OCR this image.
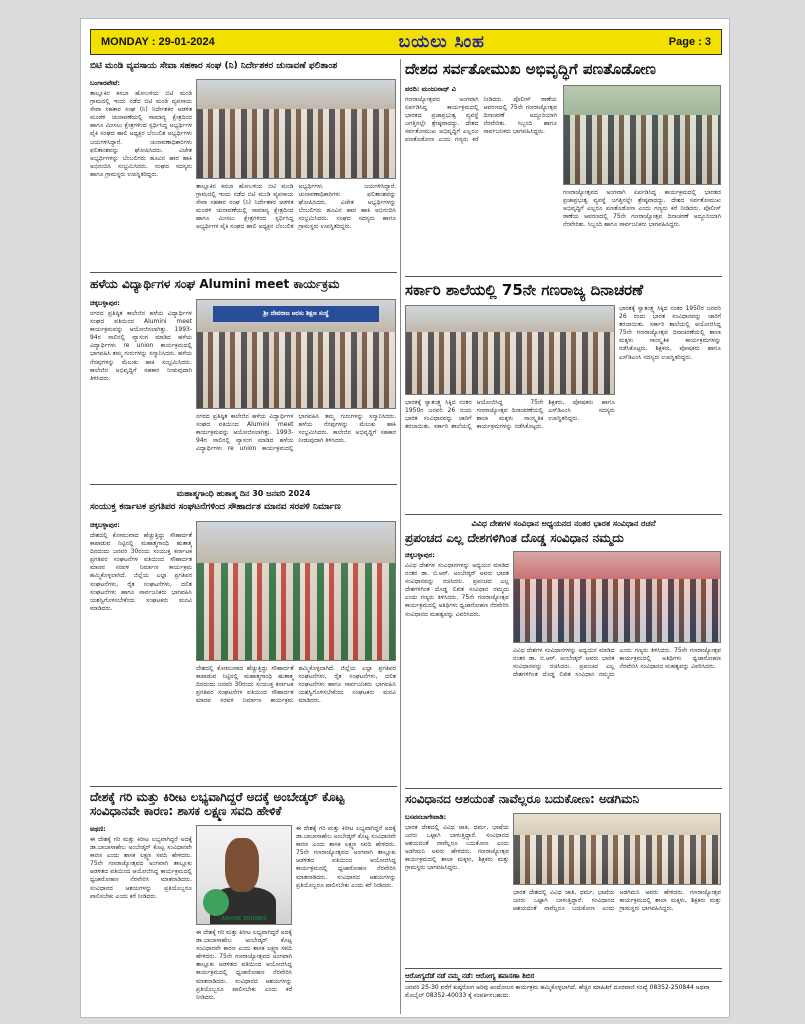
MONDAY : 29-01-2024	ಬಯಲು ಸಿಂಹ	Page : 3
ಬಿಟಿ ಮಂಡಿ ವ್ಯವಸಾಯ ಸೇವಾ ಸಹಕಾರ ಸಂಘ (ನಿ) ನಿರ್ದೇಶಕರ ಚುನಾವಣೆ ಫಲಿತಾಂಶ
ಬಂಗಾರಪೇಟೆ:
ತಾಲ್ಲೂಕಿನ ಕಸಬಾ ಹೋಬಳಿಯ ಬಿಟಿ ಮಂಡಿ ಗ್ರಾಮದಲ್ಲಿ ಇಂದು ನಡೆದ ಬಿಟಿ ಮಂಡಿ ವ್ಯವಸಾಯ ಸೇವಾ ಸಹಕಾರ ಸಂಘ (ನಿ) ನಿರ್ದೇಶಕರ ಆಡಳಿತ ಮಂಡಳಿ ಚುನಾವಣೆಯಲ್ಲಿ ಸಾಮಾನ್ಯ ಕ್ಷೇತ್ರದಿಂದ ಹಾಗೂ ಮೀಸಲು ಕ್ಷೇತ್ರಗಳಿಂದ ಸ್ಪರ್ಧಿಸಿದ್ದ ಅಭ್ಯರ್ಥಿಗಳ ಪೈಕಿ ಸಂಘದ ಹಾಲಿ ಅಧ್ಯಕ್ಷರ ಬೆಂಬಲಿತ ಅಭ್ಯರ್ಥಿಗಳು ಜಯಗಳಿಸಿದ್ದಾರೆ. ಚುನಾವಣಾಧಿಕಾರಿಗಳು ಫಲಿತಾಂಶವನ್ನು ಘೋಷಿಸಿದರು. ವಿಜೇತ ಅಭ್ಯರ್ಥಿಗಳನ್ನು ಬೆಂಬಲಿಗರು ಹೂವಿನ ಹಾರ ಹಾಕಿ ಅಭಿನಂದಿಸಿ ಸಂಭ್ರಮಿಸಿದರು. ಸಂಘದ ಸದಸ್ಯರು ಹಾಗೂ ಗ್ರಾಮಸ್ಥರು ಉಪಸ್ಥಿತರಿದ್ದರು.
ತಾಲ್ಲೂಕಿನ ಕಸಬಾ ಹೋಬಳಿಯ ಬಿಟಿ ಮಂಡಿ ಗ್ರಾಮದಲ್ಲಿ ಇಂದು ನಡೆದ ಬಿಟಿ ಮಂಡಿ ವ್ಯವಸಾಯ ಸೇವಾ ಸಹಕಾರ ಸಂಘ (ನಿ) ನಿರ್ದೇಶಕರ ಆಡಳಿತ ಮಂಡಳಿ ಚುನಾವಣೆಯಲ್ಲಿ ಸಾಮಾನ್ಯ ಕ್ಷೇತ್ರದಿಂದ ಹಾಗೂ ಮೀಸಲು ಕ್ಷೇತ್ರಗಳಿಂದ ಸ್ಪರ್ಧಿಸಿದ್ದ ಅಭ್ಯರ್ಥಿಗಳ ಪೈಕಿ ಸಂಘದ ಹಾಲಿ ಅಧ್ಯಕ್ಷರ ಬೆಂಬಲಿತ ಅಭ್ಯರ್ಥಿಗಳು ಜಯಗಳಿಸಿದ್ದಾರೆ. ಚುನಾವಣಾಧಿಕಾರಿಗಳು ಫಲಿತಾಂಶವನ್ನು ಘೋಷಿಸಿದರು. ವಿಜೇತ ಅಭ್ಯರ್ಥಿಗಳನ್ನು ಬೆಂಬಲಿಗರು ಹೂವಿನ ಹಾರ ಹಾಕಿ ಅಭಿನಂದಿಸಿ ಸಂಭ್ರಮಿಸಿದರು. ಸಂಘದ ಸದಸ್ಯರು ಹಾಗೂ ಗ್ರಾಮಸ್ಥರು ಉಪಸ್ಥಿತರಿದ್ದರು.
ಹಳೆಯ ವಿದ್ಯಾರ್ಥಿಗಳ ಸಂಘ Alumini meet ಕಾರ್ಯಕ್ರಮ
ಚಿಕ್ಕಬಳ್ಳಾಪುರ:
ನಗರದ ಪ್ರತಿಷ್ಠಿತ ಕಾಲೇಜಿನ ಹಳೆಯ ವಿದ್ಯಾರ್ಥಿಗಳ ಸಂಘದ ವತಿಯಿಂದ Alumini meet ಕಾರ್ಯಕ್ರಮವನ್ನು ಆಯೋಜಿಸಲಾಗಿತ್ತು. 1993-94ರ ಸಾಲಿನಲ್ಲಿ ವ್ಯಾಸಂಗ ಮಾಡಿದ ಹಳೆಯ ವಿದ್ಯಾರ್ಥಿಗಳು re union ಕಾರ್ಯಕ್ರಮದಲ್ಲಿ ಭಾಗವಹಿಸಿ ತಮ್ಮ ಗುರುಗಳನ್ನು ಸನ್ಮಾನಿಸಿದರು. ಹಳೆಯ ನೆನಪುಗಳನ್ನು ಮೆಲುಕು ಹಾಕಿ ಸಂಭ್ರಮಿಸಿದರು. ಕಾಲೇಜಿನ ಅಭಿವೃದ್ಧಿಗೆ ಸಹಕಾರ ನೀಡುವುದಾಗಿ ತಿಳಿಸಿದರು.
ಶ್ರೀ ದೇವರಾಜ ಅರಸು ಶಿಕ್ಷಣ ಸಂಸ್ಥೆ
ನಗರದ ಪ್ರತಿಷ್ಠಿತ ಕಾಲೇಜಿನ ಹಳೆಯ ವಿದ್ಯಾರ್ಥಿಗಳ ಸಂಘದ ವತಿಯಿಂದ Alumini meet ಕಾರ್ಯಕ್ರಮವನ್ನು ಆಯೋಜಿಸಲಾಗಿತ್ತು. 1993-94ರ ಸಾಲಿನಲ್ಲಿ ವ್ಯಾಸಂಗ ಮಾಡಿದ ಹಳೆಯ ವಿದ್ಯಾರ್ಥಿಗಳು re union ಕಾರ್ಯಕ್ರಮದಲ್ಲಿ ಭಾಗವಹಿಸಿ ತಮ್ಮ ಗುರುಗಳನ್ನು ಸನ್ಮಾನಿಸಿದರು. ಹಳೆಯ ನೆನಪುಗಳನ್ನು ಮೆಲುಕು ಹಾಕಿ ಸಂಭ್ರಮಿಸಿದರು. ಕಾಲೇಜಿನ ಅಭಿವೃದ್ಧಿಗೆ ಸಹಕಾರ ನೀಡುವುದಾಗಿ ತಿಳಿಸಿದರು.
ಮಹಾತ್ಮಗಾಂಧಿ ಹುತಾತ್ಮ ದಿನ 30 ಜನವರಿ 2024
ಸಂಯುಕ್ತ ಕರ್ನಾಟಕ ಪ್ರಗತಿಪರ ಸಂಘಟನೆಗಳಿಂದ ಸೌಹಾರ್ದತ ಮಾನವ ಸರಪಳಿ ನಿರ್ಮಾಣ
ಚಿಕ್ಕಬಳ್ಳಾಪುರ:
ದೇಶದಲ್ಲಿ ಕೋಮುವಾದ ಹೆಚ್ಚುತ್ತಿದ್ದು ಸೌಹಾರ್ದತೆ ಕಾಪಾಡುವ ನಿಟ್ಟಿನಲ್ಲಿ ಮಹಾತ್ಮಗಾಂಧಿ ಹುತಾತ್ಮ ದಿನದಂದು ಜನವರಿ 30ರಂದು ಸಂಯುಕ್ತ ಕರ್ನಾಟಕ ಪ್ರಗತಿಪರ ಸಂಘಟನೆಗಳ ವತಿಯಿಂದ ಸೌಹಾರ್ದತ ಮಾನವ ಸರಪಳಿ ನಿರ್ಮಾಣ ಕಾರ್ಯಕ್ರಮ ಹಮ್ಮಿಕೊಳ್ಳಲಾಗಿದೆ. ಜಿಲ್ಲೆಯ ಎಲ್ಲಾ ಪ್ರಗತಿಪರ ಸಂಘಟನೆಗಳು, ರೈತ ಸಂಘಟನೆಗಳು, ದಲಿತ ಸಂಘಟನೆಗಳು ಹಾಗೂ ಸಾರ್ವಜನಿಕರು ಭಾಗವಹಿಸಿ ಯಶಸ್ವಿಗೊಳಿಸಬೇಕೆಂದು ಸಂಘಟಕರು ಮನವಿ ಮಾಡಿದರು.
ದೇಶದಲ್ಲಿ ಕೋಮುವಾದ ಹೆಚ್ಚುತ್ತಿದ್ದು ಸೌಹಾರ್ದತೆ ಕಾಪಾಡುವ ನಿಟ್ಟಿನಲ್ಲಿ ಮಹಾತ್ಮಗಾಂಧಿ ಹುತಾತ್ಮ ದಿನದಂದು ಜನವರಿ 30ರಂದು ಸಂಯುಕ್ತ ಕರ್ನಾಟಕ ಪ್ರಗತಿಪರ ಸಂಘಟನೆಗಳ ವತಿಯಿಂದ ಸೌಹಾರ್ದತ ಮಾನವ ಸರಪಳಿ ನಿರ್ಮಾಣ ಕಾರ್ಯಕ್ರಮ ಹಮ್ಮಿಕೊಳ್ಳಲಾಗಿದೆ. ಜಿಲ್ಲೆಯ ಎಲ್ಲಾ ಪ್ರಗತಿಪರ ಸಂಘಟನೆಗಳು, ರೈತ ಸಂಘಟನೆಗಳು, ದಲಿತ ಸಂಘಟನೆಗಳು ಹಾಗೂ ಸಾರ್ವಜನಿಕರು ಭಾಗವಹಿಸಿ ಯಶಸ್ವಿಗೊಳಿಸಬೇಕೆಂದು ಸಂಘಟಕರು ಮನವಿ ಮಾಡಿದರು.
ದೇಶಕ್ಕೆ ಗರಿ ಮತ್ತು ಕಿರೀಟ ಲಭ್ಯವಾಗಿದ್ದರೆ ಅದಕ್ಕೆ ಅಂಬೇಡ್ಕರ್ ಕೊಟ್ಟ ಸಂವಿಧಾನವೇ ಕಾರಣ: ಶಾಸಕ ಲಕ್ಷ್ಮಣ ಸವದಿ ಹೇಳಿಕೆ
ಅಥಣಿ:
ಈ ದೇಶಕ್ಕೆ ಗರಿ ಮತ್ತು ಕಿರೀಟ ಲಭ್ಯವಾಗಿದ್ದರೆ ಅದಕ್ಕೆ ಡಾ.ಬಾಬಾಸಾಹೇಬ ಅಂಬೇಡ್ಕರ್ ಕೊಟ್ಟ ಸಂವಿಧಾನವೇ ಕಾರಣ ಎಂದು ಶಾಸಕ ಲಕ್ಷ್ಮಣ ಸವದಿ ಹೇಳಿದರು. 75ನೇ ಗಣರಾಜ್ಯೋತ್ಸವದ ಅಂಗವಾಗಿ ತಾಲ್ಲೂಕು ಆಡಳಿತದ ವತಿಯಿಂದ ಆಯೋಜಿಸಿದ್ದ ಕಾರ್ಯಕ್ರಮದಲ್ಲಿ ಧ್ವಜಾರೋಹಣ ನೆರವೇರಿಸಿ ಮಾತನಾಡಿದರು. ಸಂವಿಧಾನದ ಆಶಯಗಳನ್ನು ಪ್ರತಿಯೊಬ್ಬರೂ ಪಾಲಿಸಬೇಕು ಎಂದು ಕರೆ ನೀಡಿದರು.
ASHOK SOUNDS
ಈ ದೇಶಕ್ಕೆ ಗರಿ ಮತ್ತು ಕಿರೀಟ ಲಭ್ಯವಾಗಿದ್ದರೆ ಅದಕ್ಕೆ ಡಾ.ಬಾಬಾಸಾಹೇಬ ಅಂಬೇಡ್ಕರ್ ಕೊಟ್ಟ ಸಂವಿಧಾನವೇ ಕಾರಣ ಎಂದು ಶಾಸಕ ಲಕ್ಷ್ಮಣ ಸವದಿ ಹೇಳಿದರು. 75ನೇ ಗಣರಾಜ್ಯೋತ್ಸವದ ಅಂಗವಾಗಿ ತಾಲ್ಲೂಕು ಆಡಳಿತದ ವತಿಯಿಂದ ಆಯೋಜಿಸಿದ್ದ ಕಾರ್ಯಕ್ರಮದಲ್ಲಿ ಧ್ವಜಾರೋಹಣ ನೆರವೇರಿಸಿ ಮಾತನಾಡಿದರು. ಸಂವಿಧಾನದ ಆಶಯಗಳನ್ನು ಪ್ರತಿಯೊಬ್ಬರೂ ಪಾಲಿಸಬೇಕು ಎಂದು ಕರೆ ನೀಡಿದರು.
ಈ ದೇಶಕ್ಕೆ ಗರಿ ಮತ್ತು ಕಿರೀಟ ಲಭ್ಯವಾಗಿದ್ದರೆ ಅದಕ್ಕೆ ಡಾ.ಬಾಬಾಸಾಹೇಬ ಅಂಬೇಡ್ಕರ್ ಕೊಟ್ಟ ಸಂವಿಧಾನವೇ ಕಾರಣ ಎಂದು ಶಾಸಕ ಲಕ್ಷ್ಮಣ ಸವದಿ ಹೇಳಿದರು. 75ನೇ ಗಣರಾಜ್ಯೋತ್ಸವದ ಅಂಗವಾಗಿ ತಾಲ್ಲೂಕು ಆಡಳಿತದ ವತಿಯಿಂದ ಆಯೋಜಿಸಿದ್ದ ಕಾರ್ಯಕ್ರಮದಲ್ಲಿ ಧ್ವಜಾರೋಹಣ ನೆರವೇರಿಸಿ ಮಾತನಾಡಿದರು. ಸಂವಿಧಾನದ ಆಶಯಗಳನ್ನು ಪ್ರತಿಯೊಬ್ಬರೂ ಪಾಲಿಸಬೇಕು ಎಂದು ಕರೆ ನೀಡಿದರು.
ದೇಶದ ಸರ್ವತೋಮುಖ ಅಭಿವೃದ್ಧಿಗೆ ಪಣತೊಡೋಣ
ವರದಿ: ಮಂಜುನಾಥ್ ವಿ
ಗಣರಾಜ್ಯೋತ್ಸವದ ಅಂಗವಾಗಿ ಏರ್ಪಡಿಸಿದ್ದ ಕಾರ್ಯಕ್ರಮದಲ್ಲಿ ಭಾರತದ ಪ್ರಜಾಪ್ರಭುತ್ವ ವ್ಯವಸ್ಥೆ ಜಗತ್ತಿನಲ್ಲೇ ಶ್ರೇಷ್ಠವಾದದ್ದು. ದೇಶದ ಸರ್ವತೋಮುಖ ಅಭಿವೃದ್ಧಿಗೆ ಎಲ್ಲರೂ ಪಣತೊಡೋಣ ಎಂದು ಗಣ್ಯರು ಕರೆ ನೀಡಿದರು. ಪೊಲೀಸ್ ಠಾಣೆಯ ಆವರಣದಲ್ಲಿ 75ನೇ ಗಣರಾಜ್ಯೋತ್ಸವ ದಿನಾಚರಣೆ ಅದ್ದೂರಿಯಾಗಿ ನೆರವೇರಿತು. ಸಿಬ್ಬಂದಿ ಹಾಗೂ ಸಾರ್ವಜನಿಕರು ಭಾಗವಹಿಸಿದ್ದರು.
ಗಣರಾಜ್ಯೋತ್ಸವದ ಅಂಗವಾಗಿ ಏರ್ಪಡಿಸಿದ್ದ ಕಾರ್ಯಕ್ರಮದಲ್ಲಿ ಭಾರತದ ಪ್ರಜಾಪ್ರಭುತ್ವ ವ್ಯವಸ್ಥೆ ಜಗತ್ತಿನಲ್ಲೇ ಶ್ರೇಷ್ಠವಾದದ್ದು. ದೇಶದ ಸರ್ವತೋಮುಖ ಅಭಿವೃದ್ಧಿಗೆ ಎಲ್ಲರೂ ಪಣತೊಡೋಣ ಎಂದು ಗಣ್ಯರು ಕರೆ ನೀಡಿದರು. ಪೊಲೀಸ್ ಠಾಣೆಯ ಆವರಣದಲ್ಲಿ 75ನೇ ಗಣರಾಜ್ಯೋತ್ಸವ ದಿನಾಚರಣೆ ಅದ್ದೂರಿಯಾಗಿ ನೆರವೇರಿತು. ಸಿಬ್ಬಂದಿ ಹಾಗೂ ಸಾರ್ವಜನಿಕರು ಭಾಗವಹಿಸಿದ್ದರು.
ಸರ್ಕಾರಿ ಶಾಲೆಯಲ್ಲಿ 75ನೇ ಗಣರಾಜ್ಯ ದಿನಾಚರಣೆ
ಭಾರತಕ್ಕೆ ಸ್ವಾತಂತ್ರ್ಯ ಸಿಕ್ಕಿದ ನಂತರ 1950ರ ಜನವರಿ 26 ರಂದು ಭಾರತ ಸಂವಿಧಾನವನ್ನು ಜಾರಿಗೆ ತರಲಾಯಿತು. ಸರ್ಕಾರಿ ಶಾಲೆಯಲ್ಲಿ ಆಯೋಜಿಸಿದ್ದ 75ನೇ ಗಣರಾಜ್ಯೋತ್ಸವ ದಿನಾಚರಣೆಯಲ್ಲಿ ಶಾಲಾ ಮಕ್ಕಳು ಸಾಂಸ್ಕೃತಿಕ ಕಾರ್ಯಕ್ರಮಗಳನ್ನು ನಡೆಸಿಕೊಟ್ಟರು. ಶಿಕ್ಷಕರು, ಪೋಷಕರು ಹಾಗೂ ಎಸ್‌ಡಿಎಂಸಿ ಸದಸ್ಯರು ಉಪಸ್ಥಿತರಿದ್ದರು.
ಭಾರತಕ್ಕೆ ಸ್ವಾತಂತ್ರ್ಯ ಸಿಕ್ಕಿದ ನಂತರ 1950ರ ಜನವರಿ 26 ರಂದು ಭಾರತ ಸಂವಿಧಾನವನ್ನು ಜಾರಿಗೆ ತರಲಾಯಿತು. ಸರ್ಕಾರಿ ಶಾಲೆಯಲ್ಲಿ ಆಯೋಜಿಸಿದ್ದ 75ನೇ ಗಣರಾಜ್ಯೋತ್ಸವ ದಿನಾಚರಣೆಯಲ್ಲಿ ಶಾಲಾ ಮಕ್ಕಳು ಸಾಂಸ್ಕೃತಿಕ ಕಾರ್ಯಕ್ರಮಗಳನ್ನು ನಡೆಸಿಕೊಟ್ಟರು. ಶಿಕ್ಷಕರು, ಪೋಷಕರು ಹಾಗೂ ಎಸ್‌ಡಿಎಂಸಿ ಸದಸ್ಯರು ಉಪಸ್ಥಿತರಿದ್ದರು.
ವಿವಿಧ ದೇಶಗಳ ಸಂವಿಧಾನ ಅಧ್ಯಯನದ ನಂತರ ಭಾರತ ಸಂವಿಧಾನ ರಚನೆ
ಪ್ರಪಂಚದ ಎಲ್ಲ ದೇಶಗಳಿಗಿಂತ ದೊಡ್ಡ ಸಂವಿಧಾನ ನಮ್ಮದು
ಚಿಕ್ಕಬಳ್ಳಾಪುರ:
ವಿವಿಧ ದೇಶಗಳ ಸಂವಿಧಾನಗಳನ್ನು ಅಧ್ಯಯನ ಮಾಡಿದ ನಂತರ ಡಾ. ಬಿ.ಆರ್. ಅಂಬೇಡ್ಕರ್ ಅವರು ಭಾರತ ಸಂವಿಧಾನವನ್ನು ರಚಿಸಿದರು. ಪ್ರಪಂಚದ ಎಲ್ಲ ದೇಶಗಳಿಗಿಂತ ದೊಡ್ಡ ಲಿಖಿತ ಸಂವಿಧಾನ ನಮ್ಮದು ಎಂದು ಗಣ್ಯರು ತಿಳಿಸಿದರು. 75ನೇ ಗಣರಾಜ್ಯೋತ್ಸವ ಕಾರ್ಯಕ್ರಮದಲ್ಲಿ ಅತಿಥಿಗಳು ಧ್ವಜಾರೋಹಣ ನೆರವೇರಿಸಿ ಸಂವಿಧಾನದ ಮಹತ್ವವನ್ನು ವಿವರಿಸಿದರು.
ವಿವಿಧ ದೇಶಗಳ ಸಂವಿಧಾನಗಳನ್ನು ಅಧ್ಯಯನ ಮಾಡಿದ ನಂತರ ಡಾ. ಬಿ.ಆರ್. ಅಂಬೇಡ್ಕರ್ ಅವರು ಭಾರತ ಸಂವಿಧಾನವನ್ನು ರಚಿಸಿದರು. ಪ್ರಪಂಚದ ಎಲ್ಲ ದೇಶಗಳಿಗಿಂತ ದೊಡ್ಡ ಲಿಖಿತ ಸಂವಿಧಾನ ನಮ್ಮದು ಎಂದು ಗಣ್ಯರು ತಿಳಿಸಿದರು. 75ನೇ ಗಣರಾಜ್ಯೋತ್ಸವ ಕಾರ್ಯಕ್ರಮದಲ್ಲಿ ಅತಿಥಿಗಳು ಧ್ವಜಾರೋಹಣ ನೆರವೇರಿಸಿ ಸಂವಿಧಾನದ ಮಹತ್ವವನ್ನು ವಿವರಿಸಿದರು.
ಸಂವಿಧಾನದ ಆಶಯಂತೆ ನಾವೆಲ್ಲರೂ ಬದುಕೋಣ: ಅಡಗಿಮನಿ
ಬಸವನಬಾಗೇವಾಡಿ:
ಭಾರತ ದೇಶದಲ್ಲಿ ವಿವಿಧ ಜಾತಿ, ಧರ್ಮ, ಭಾಷೆಯ ಜನರು ಒಟ್ಟಾಗಿ ಬಾಳುತ್ತಿದ್ದಾರೆ. ಸಂವಿಧಾನದ ಆಶಯದಂತೆ ನಾವೆಲ್ಲರೂ ಬದುಕೋಣ ಎಂದು ಅಡಗಿಮನಿ ಅವರು ಹೇಳಿದರು. ಗಣರಾಜ್ಯೋತ್ಸವ ಕಾರ್ಯಕ್ರಮದಲ್ಲಿ ಶಾಲಾ ಮಕ್ಕಳು, ಶಿಕ್ಷಕರು ಮತ್ತು ಗ್ರಾಮಸ್ಥರು ಭಾಗವಹಿಸಿದ್ದರು.
ಭಾರತ ದೇಶದಲ್ಲಿ ವಿವಿಧ ಜಾತಿ, ಧರ್ಮ, ಭಾಷೆಯ ಜನರು ಒಟ್ಟಾಗಿ ಬಾಳುತ್ತಿದ್ದಾರೆ. ಸಂವಿಧಾನದ ಆಶಯದಂತೆ ನಾವೆಲ್ಲರೂ ಬದುಕೋಣ ಎಂದು ಅಡಗಿಮನಿ ಅವರು ಹೇಳಿದರು. ಗಣರಾಜ್ಯೋತ್ಸವ ಕಾರ್ಯಕ್ರಮದಲ್ಲಿ ಶಾಲಾ ಮಕ್ಕಳು, ಶಿಕ್ಷಕರು ಮತ್ತು ಗ್ರಾಮಸ್ಥರು ಭಾಗವಹಿಸಿದ್ದರು.
ಆರೋಗ್ಯದೆಡೆ ನಡೆ ನಮ್ಮ ನಡೆ: ಆರೋಗ್ಯ ತಪಾಸಣಾ ಶಿಬಿರ
ಜನವರಿ 25-30 ವರೆಗೆ ಕುಷ್ಠರೋಗ ಅರಿವು ಆಂದೋಲನ ಕಾರ್ಯಕ್ರಮ ಹಮ್ಮಿಕೊಳ್ಳಲಾಗಿದೆ. ಹೆಚ್ಚಿನ ಮಾಹಿತಿಗೆ ದೂರವಾಣಿ ಸಂಖ್ಯೆ 08352-250844 ಅಥವಾ ಮೊಬೈಲ್ 08352-40033 ಕ್ಕೆ ಸಂಪರ್ಕಿಸಬಹುದು.
